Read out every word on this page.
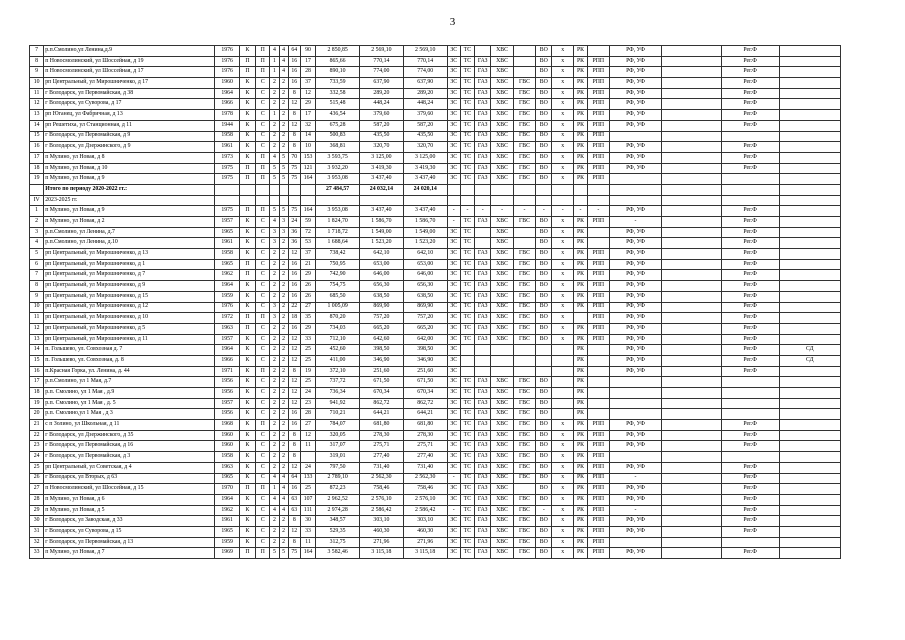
3
7	р.п.Смолино,ул Ленина,д.9	1976	К	П	4	4	64	90	2 850,85	2 569,10	2 569,10	ЗС	ТС		ХВС		ВО	х	РК		РФ, УФ		Рег.Ф	
8	п Новосмолинский, ул Шоссейная, д 19	1976	П	П	1	4	16	17	865,66	770,14	770,14	ЗС	ТС	ГАЗ	ХВС		ВО	х	РК	РПП	РФ, УФ		Рег.Ф	
9	п Новосмолинский, ул Шоссейная, д 17	1976	П	П	1	4	16	28	890,10	774,00	774,00	ЗС	ТС	ГАЗ	ХВС		ВО	х	РК	РПП	РФ, УФ		Рег.Ф	
10	рп Центральный, ул Мирошниченко, д 17	1960	К	С	2	2	16	37	733,59	637,90	637,90	ЗС	ТС	ГАЗ	ХВС	ГВС	ВО	х	РК	РПП	РФ, УФ		Рег.Ф	
11	г Володарск, ул Первомайская, д 38	1964	К	С	2	2	8	12	332,58	289,20	289,20	ЗС	ТС	ГАЗ	ХВС	ГВС	ВО	х	РК	РПП	РФ, УФ		Рег.Ф	
12	г Володарск, ул Суворова, д 17	1966	К	С	2	2	12	29	515,48	448,24	448,24	ЗС	ТС	ГАЗ	ХВС	ГВС	ВО	х	РК	РПП	РФ, УФ		Рег.Ф	
13	рп Юганец, ул Фабричная, д 13	1978	К	С	1	2	8	17	436,54	379,60	379,60	ЗС	ТС	ГАЗ	ХВС	ГВС	ВО	х	РК	РПП	РФ, УФ		Рег.Ф	
14	рп Решетиха, ул Станционная, д 11	1944	К	С	2	2	12	32	675,28	587,20	587,20	ЗС	ТС	ГАЗ	ХВС	ГВС	ВО	х	РК	РПП	РФ, УФ		Рег.Ф	
15	г Володарск, ул Первомайская, д 9	1958	К	С	2	2	8	14	500,83	435,50	435,50	ЗС	ТС	ГАЗ	ХВС	ГВС	ВО	х	РК	РПП				
16	г Володарск, ул Дзержинского, д 9	1961	К	С	2	2	8	10	368,81	320,70	320,70	ЗС	ТС	ГАЗ	ХВС	ГВС	ВО	х	РК	РПП	РФ, УФ		Рег.Ф	
17	п Мулино, ул Новая, д 8	1973	К	П	4	5	70	153	3 593,75	3 125,00	3 125,00	ЗС	ТС	ГАЗ	ХВС	ГВС	ВО	х	РК	РПП	РФ, УФ		Рег.Ф	
18	п Мулино, ул Новая, д 10	1975	П	П	5	5	75	121	3 932,20	3 419,30	3 419,30	ЗС	ТС	ГАЗ	ХВС	ГВС	ВО	х	РК	РПП	РФ, УФ		Рег.Ф	
19	п Мулино, ул Новая, д 9	1975	П	П	5	5	75	164	3 953,08	3 437,40	3 437,40	ЗС	ТС	ГАЗ	ХВС	ГВС	ВО	х	РК	РПП				
	Итого по периоду 2020-2022 гг.:								27 484,57	24 032,14	24 020,14													
IV	2023-2025 гг.																							
1	п Мулино, ул Новая, д 9	1975	П	П	5	5	75	164	3 953,08	3 437,40	3 437,40	-	-	-	-	-	-	-	-	-	РФ, УФ		Рег.Ф	
2	п Мулино, ул Новая, д 2	1957	К	С	4	3	24	59	1 824,70	1 586,70	1 586,70	-	ТС	ГАЗ	ХВС	ГВС	ВО	х	РК	РПП	-		Рег.Ф	
3	р.п.Смолино, ул Ленина, д.7	1965	К	С	3	3	36	72	1 718,72	1 549,00	1 549,00	ЗС	ТС		ХВС		ВО	х	РК		РФ, УФ		Рег.Ф	
4	р.п.Смолино, ул Ленина, д.10	1961	К	С	3	2	36	53	1 688,64	1 523,20	1 523,20	ЗС	ТС		ХВС		ВО	х	РК		РФ, УФ		Рег.Ф	
5	рп Центральный, ул Мирошниченко, д 13	1958	К	С	2	2	12	37	738,42	642,10	642,10	ЗС	ТС	ГАЗ	ХВС	ГВС	ВО	х	РК	РПП	РФ, УФ		Рег.Ф	
6	рп Центральный, ул Мирошниченко, д 1	1965	П	С	2	2	16	21	750,95	653,00	653,00	ЗС	ТС	ГАЗ	ХВС	ГВС	ВО	х	РК	РПП	РФ, УФ		Рег.Ф	
7	рп Центральный, ул Мирошниченко, д 7	1962	П	С	2	2	16	29	742,90	646,00	646,00	ЗС	ТС	ГАЗ	ХВС	ГВС	ВО	х	РК	РПП	РФ, УФ		Рег.Ф	
8	рп Центральный, ул Мирошниченко, д 9	1964	К	С	2	2	16	26	754,75	656,30	656,30	ЗС	ТС	ГАЗ	ХВС	ГВС	ВО	х	РК	РПП	РФ, УФ		Рег.Ф	
9	рп Центральный, ул Мирошниченко, д 15	1959	К	С	2	2	16	26	685,50	638,50	638,50	ЗС	ТС	ГАЗ	ХВС	ГВС	ВО	х	РК	РПП	РФ, УФ		Рег.Ф	
10	рп Центральный, ул Мирошниченко, д 12	1976	К	С	3	2	22	27	1 005,09	869,90	869,90	ЗС	ТС	ГАЗ	ХВС	ГВС	ВО	х	РК	РПП	РФ, УФ		Рег.Ф	
11	рп Центральный, ул Мирошниченко, д 10	1972	П	П	3	2	18	35	870,20	757,20	757,20	ЗС	ТС	ГАЗ	ХВС	ГВС	ВО	х		РПП	РФ, УФ		Рег.Ф	
12	рп Центральный, ул Мирошниченко, д 5	1963	П	С	2	2	16	29	734,03	665,20	665,20	ЗС	ТС	ГАЗ	ХВС	ГВС	ВО	х	РК	РПП	РФ, УФ		Рег.Ф	
13	рп Центральный, ул Мирошниченко, д 11	1957	К	С	2	2	12	33	712,10	642,60	642,00	ЗС	ТС	ГАЗ	ХВС	ГВС	ВО	х	РК	РПП	РФ, УФ		Рег.Ф	
14	п. Гольшево, ул. Совхозная д. 7	1964	К	С	2	2	12	25	452,60	398,50	398,50	ЗС							РК		РФ, УФ		Рег.Ф	СД
15	п. Гольшево, ул. Совхозная, д. 8	1966	К	С	2	2	12	25	411,00	346,90	346,90	ЗС							РК		РФ, УФ		Рег.Ф	СД
16	п.Красная Горка, ул. Ленина, д. 44	1971	К	П	2	2	8	19	372,10	251,60	251,60	ЗС							РК		РФ, УФ		Рег.Ф	
17	р.п.Смолино, ул 1 Мая, д.7	1956	К	С	2	2	12	25	737,72	671,50	671,50	ЗС	ТС	ГАЗ	ХВС	ГВС	ВО		РК					
18	р.п. Смолино, ул 1 Мая , д.9	1956	К	С	2	2	12	24	736,34	670,34	670,34	ЗС	ТС	ГАЗ	ХВС	ГВС	ВО		РК					
19	р.п. Смолино, ул 1 Мая , д. 5	1957	К	С	2	2	12	23	941,92	862,72	862,72	ЗС	ТС	ГАЗ	ХВС	ГВС	ВО		РК					
20	р.п. Смолино,ул 1 Мая , д 3	1956	К	С	2	2	16	28	710,21	644,21	644,21	ЗС	ТС	ГАЗ	ХВС	ГВС	ВО		РК					
21	с п Золино, ул Школьная, д 11	1968	К	П	2	2	16	27	784,07	681,80	681,80	ЗС	ТС	ГАЗ	ХВС	ГВС	ВО	х	РК	РПП	РФ, УФ		Рег.Ф	
22	г Володарск, ул Дзержинского, д 35	1960	К	С	2	2	8	12	320,05	278,30	278,30	ЗС	ТС	ГАЗ	ХВС	ГВС	ВО	х	РК	РПП	РФ, УФ		Рег.Ф	
23	г Володарск, ул Первомайская, д 16	1960	К	С	2	2	8	11	317,07	275,71	275,71	ЗС	ТС	ГАЗ	ХВС	ГВС	ВО	х	РК	РПП	РФ, УФ		Рег.Ф	
24	г Володарск, ул Первомайская, д 3	1958	К	С	2	2	8		319,01	277,40	277,40	ЗС	ТС	ГАЗ	ХВС	ГВС	ВО	х	РК	РПП				
25	рп Центральный, ул Советская, д 4	1963	К	С	2	2	12	24	797,50	731,40	731,40	ЗС	ТС	ГАЗ	ХВС	ГВС	ВО	х	РК	РПП	РФ, УФ		Рег.Ф	
26	г Володарск, ул Вторых, д 63	1965	К	С	4	4	64	133	2 789,10	2 562,30	2 562,30	-	ТС	ГАЗ	ХВС	ГВС	ВО	х	РК	РПП	-		Рег.Ф	
27	п Новосмолинский, ул Шоссейная, д 15	1970	П	П	1	4	16	25	872,23	758,46	758,46	ЗС	ТС	ГАЗ	ХВС		ВО	х	РК	РПП	РФ, УФ		Рег.Ф	
28	п Мулино, ул Новая, д 6	1964	К	С	4	4	63	107	2 962,52	2 576,10	2 576,10	ЗС	ТС	ГАЗ	ХВС	ГВС	ВО	х	РК	РПП	РФ, УФ		Рег.Ф	
29	п Мулино, ул Новая, д 5	1962	К	С	4	4	63	111	2 974,28	2 586,42	2 586,42	-	ТС	ГАЗ	ХВС	ГВС	-	х	РК	РПП	-		Рег.Ф	
30	г Володарск, ул Заводская, д 33	1961	К	С	2	2	8	30	348,57	303,10	303,10	ЗС	ТС	ГАЗ	ХВС	ГВС	ВО	х	РК	РПП	РФ, УФ		Рег.Ф	
31	г Володарск, ул Суворова, д 15	1965	К	С	2	2	12	33	529,35	460,30	460,30	ЗС	ТС	ГАЗ	ХВС	ГВС	ВО	х	РК	РПП	РФ, УФ		Рег.Ф	
32	г Володарск, ул Первомайская, д 13	1959	К	С	2	2	8	11	312,75	271,96	271,96	ЗС	ТС	ГАЗ	ХВС	ГВС	ВО	х	РК	РПП				
33	п Мулино, ул Новая, д 7	1969	П	П	5	5	75	164	3 582,46	3 115,18	3 115,18	ЗС	ТС	ГАЗ	ХВС	ГВС	ВО	х	РК	РПП	РФ, УФ		Рег.Ф	
